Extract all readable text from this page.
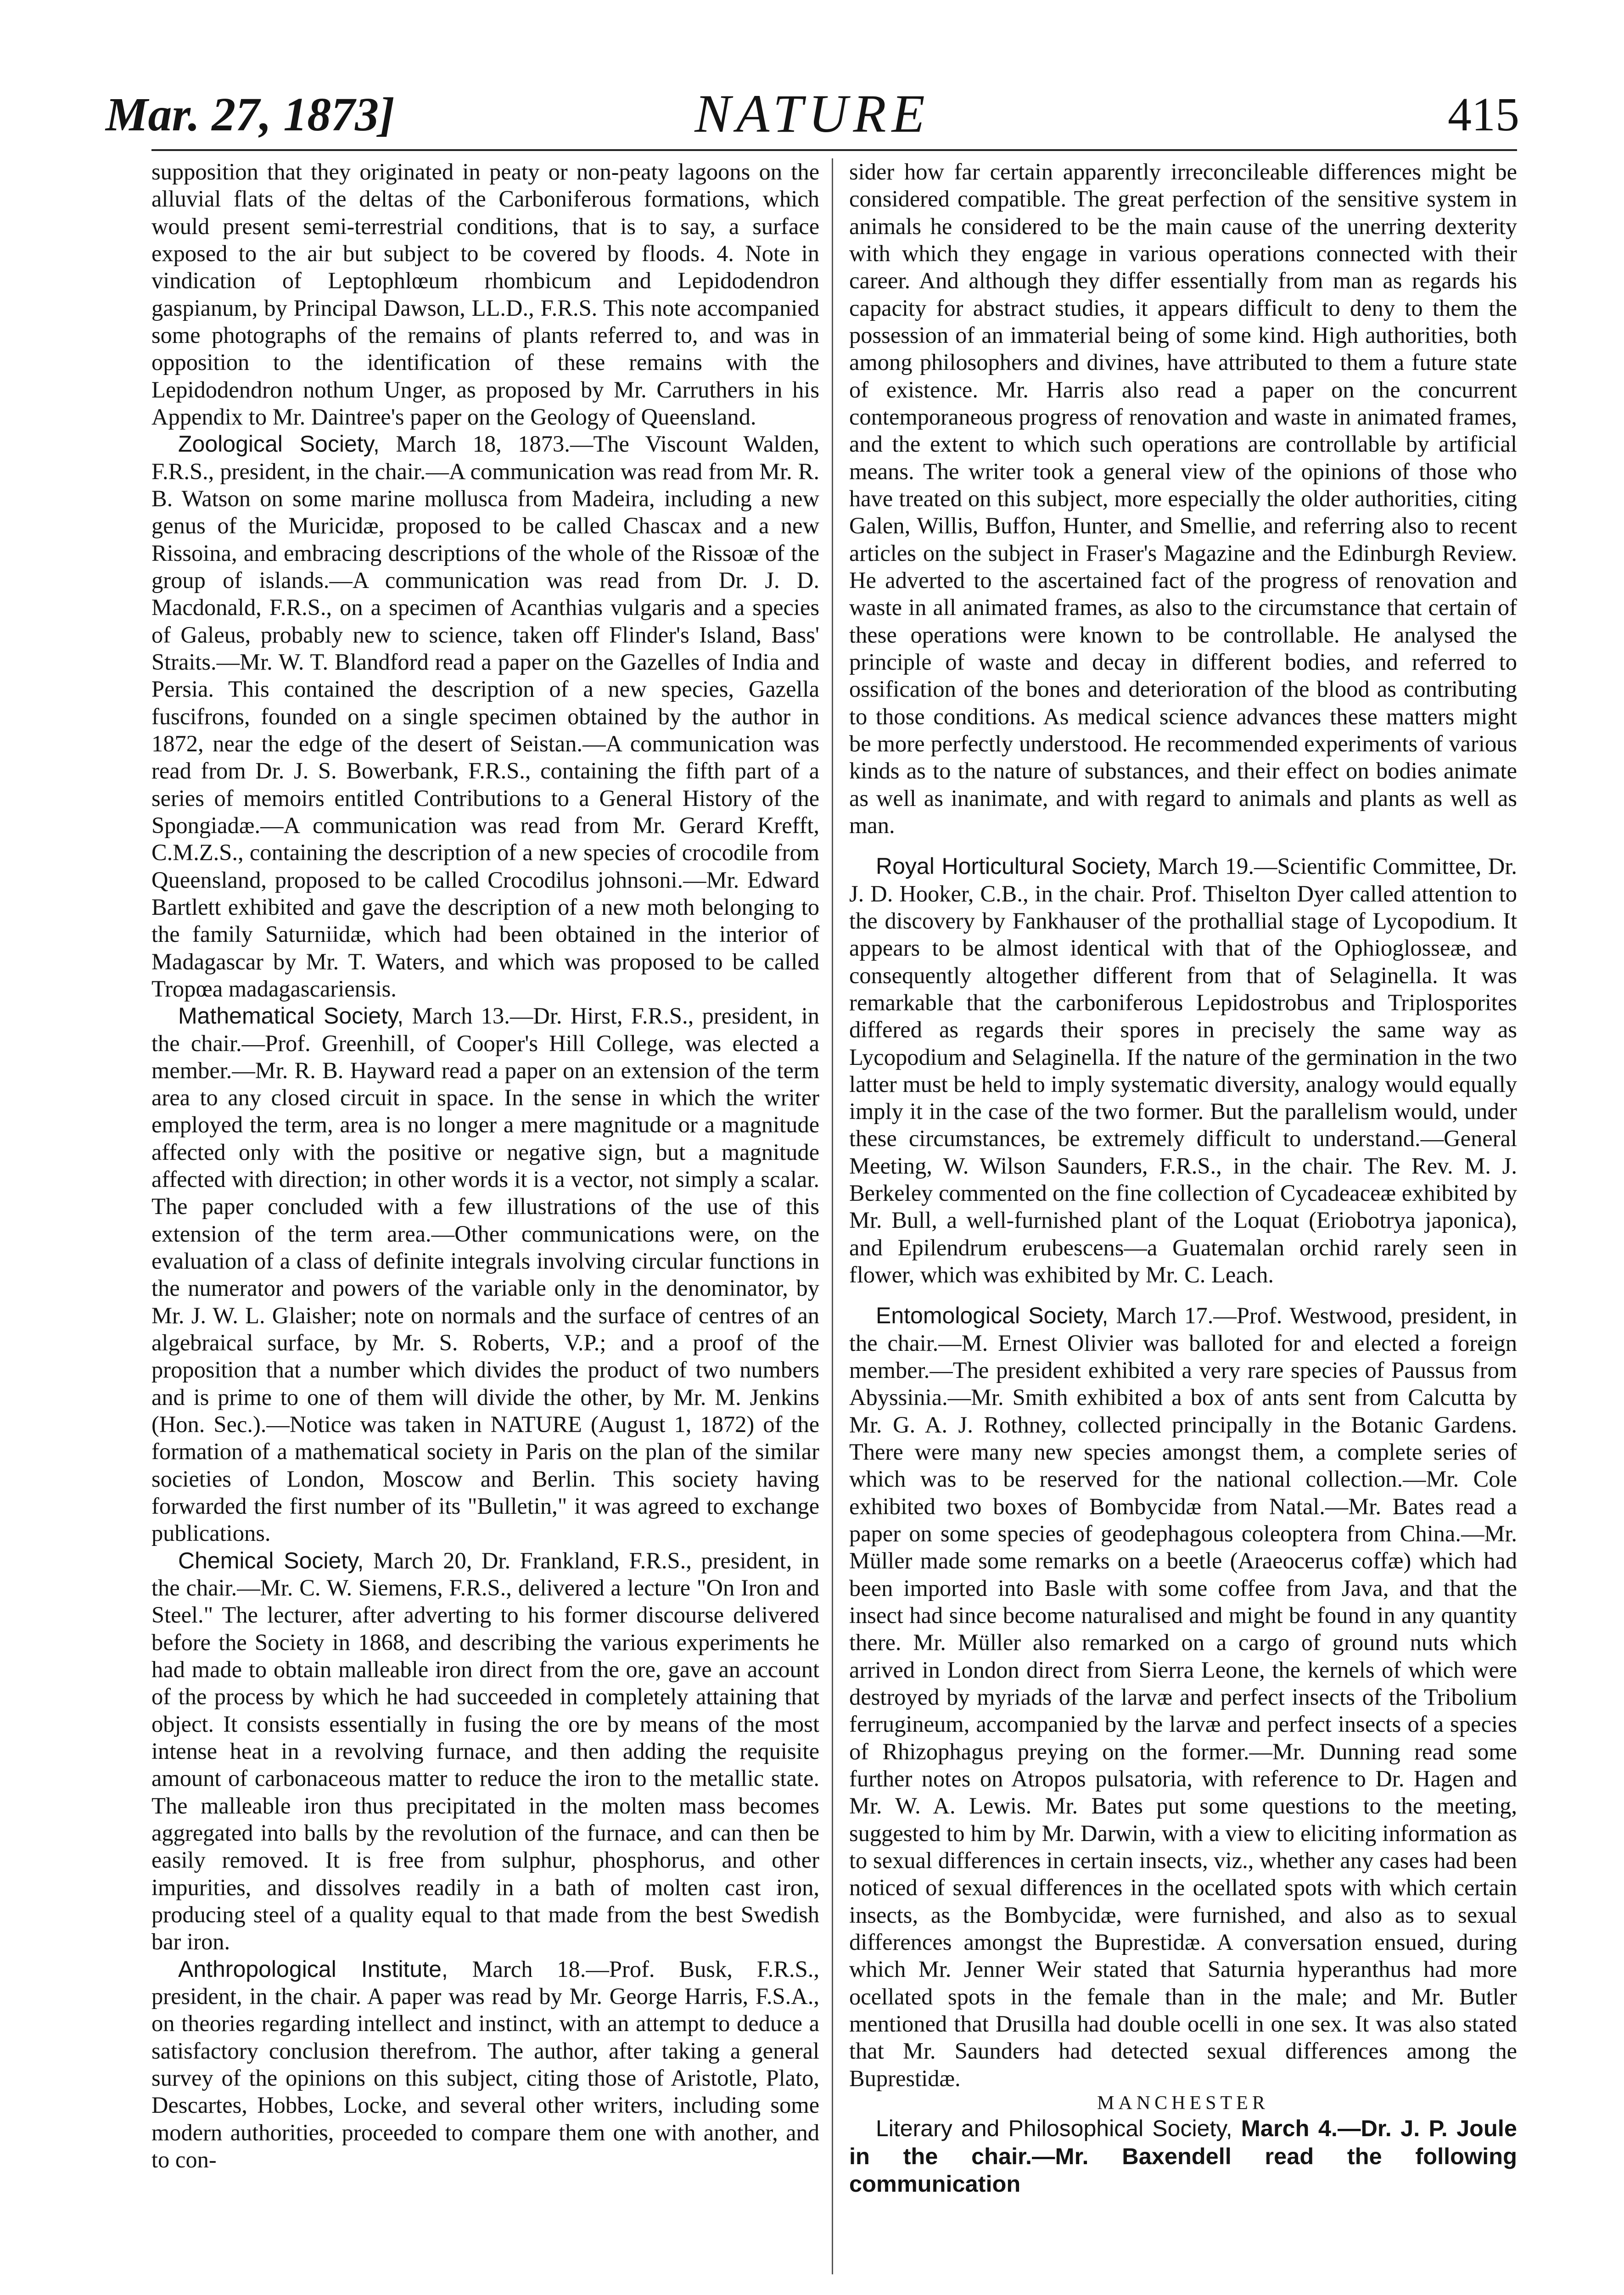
Mar. 27, 1873]	NATURE	415

supposition that they originated in peaty or non-peaty lagoons on the alluvial flats of the deltas of the Carboniferous formations, which would present semi-terrestrial conditions, that is to say, a surface exposed to the air but subject to be covered by floods. 4. Note in vindication of Leptophlœum rhombicum and Lepidodendron gaspianum, by Principal Dawson, LL.D., F.R.S. This note accompanied some photographs of the remains of plants referred to, and was in opposition to the identification of these remains with the Lepidodendron nothum Unger, as proposed by Mr. Carruthers in his Appendix to Mr. Daintree's paper on the Geology of Queensland.

Zoological Society, March 18, 1873.—The Viscount Walden, F.R.S., president, in the chair.—A communication was read from Mr. R. B. Watson on some marine mollusca from Madeira, including a new genus of the Muricidæ, proposed to be called Chascax and a new Rissoina, and embracing descriptions of the whole of the Rissoæ of the group of islands.—A communication was read from Dr. J. D. Macdonald, F.R.S., on a specimen of Acanthias vulgaris and a species of Galeus, probably new to science, taken off Flinder's Island, Bass' Straits.—Mr. W. T. Blandford read a paper on the Gazelles of India and Persia. This contained the description of a new species, Gazella fuscifrons, founded on a single specimen obtained by the author in 1872, near the edge of the desert of Seistan.—A communication was read from Dr. J. S. Bowerbank, F.R.S., containing the fifth part of a series of memoirs entitled Contributions to a General History of the Spongiadæ.—A communication was read from Mr. Gerard Krefft, C.M.Z.S., containing the description of a new species of crocodile from Queensland, proposed to be called Crocodilus johnsoni.—Mr. Edward Bartlett exhibited and gave the description of a new moth belonging to the family Saturniidæ, which had been obtained in the interior of Madagascar by Mr. T. Waters, and which was proposed to be called Tropœa madagascariensis.

Mathematical Society, March 13.—Dr. Hirst, F.R.S., president, in the chair.—Prof. Greenhill, of Cooper's Hill College, was elected a member.—Mr. R. B. Hayward read a paper on an extension of the term area to any closed circuit in space. In the sense in which the writer employed the term, area is no longer a mere magnitude or a magnitude affected only with the positive or negative sign, but a magnitude affected with direction; in other words it is a vector, not simply a scalar. The paper concluded with a few illustrations of the use of this extension of the term area.—Other communications were, on the evaluation of a class of definite integrals involving circular functions in the numerator and powers of the variable only in the denominator, by Mr. J. W. L. Glaisher; note on normals and the surface of centres of an algebraical surface, by Mr. S. Roberts, V.P.; and a proof of the proposition that a number which divides the product of two numbers and is prime to one of them will divide the other, by Mr. M. Jenkins (Hon. Sec.).—Notice was taken in NATURE (August 1, 1872) of the formation of a mathematical society in Paris on the plan of the similar societies of London, Moscow and Berlin. This society having forwarded the first number of its "Bulletin," it was agreed to exchange publications.

Chemical Society, March 20, Dr. Frankland, F.R.S., president, in the chair.—Mr. C. W. Siemens, F.R.S., delivered a lecture "On Iron and Steel." The lecturer, after adverting to his former discourse delivered before the Society in 1868, and describing the various experiments he had made to obtain malleable iron direct from the ore, gave an account of the process by which he had succeeded in completely attaining that object. It consists essentially in fusing the ore by means of the most intense heat in a revolving furnace, and then adding the requisite amount of carbonaceous matter to reduce the iron to the metallic state. The malleable iron thus precipitated in the molten mass becomes aggregated into balls by the revolution of the furnace, and can then be easily removed. It is free from sulphur, phosphorus, and other impurities, and dissolves readily in a bath of molten cast iron, producing steel of a quality equal to that made from the best Swedish bar iron.

Anthropological Institute, March 18.—Prof. Busk, F.R.S., president, in the chair. A paper was read by Mr. George Harris, F.S.A., on theories regarding intellect and instinct, with an attempt to deduce a satisfactory conclusion therefrom. The author, after taking a general survey of the opinions on this subject, citing those of Aristotle, Plato, Descartes, Hobbes, Locke, and several other writers, including some modern authorities, proceeded to compare them one with another, and to con-

sider how far certain apparently irreconcileable differences might be considered compatible. The great perfection of the sensitive system in animals he considered to be the main cause of the unerring dexterity with which they engage in various operations connected with their career. And although they differ essentially from man as regards his capacity for abstract studies, it appears difficult to deny to them the possession of an immaterial being of some kind. High authorities, both among philosophers and divines, have attributed to them a future state of existence. Mr. Harris also read a paper on the concurrent contemporaneous progress of renovation and waste in animated frames, and the extent to which such operations are controllable by artificial means. The writer took a general view of the opinions of those who have treated on this subject, more especially the older authorities, citing Galen, Willis, Buffon, Hunter, and Smellie, and referring also to recent articles on the subject in Fraser's Magazine and the Edinburgh Review. He adverted to the ascertained fact of the progress of renovation and waste in all animated frames, as also to the circumstance that certain of these operations were known to be controllable. He analysed the principle of waste and decay in different bodies, and referred to ossification of the bones and deterioration of the blood as contributing to those conditions. As medical science advances these matters might be more perfectly understood. He recommended experiments of various kinds as to the nature of substances, and their effect on bodies animate as well as inanimate, and with regard to animals and plants as well as man.

Royal Horticultural Society, March 19.—Scientific Committee, Dr. J. D. Hooker, C.B., in the chair. Prof. Thiselton Dyer called attention to the discovery by Fankhauser of the prothallial stage of Lycopodium. It appears to be almost identical with that of the Ophioglosseæ, and consequently altogether different from that of Selaginella. It was remarkable that the carboniferous Lepidostrobus and Triplosporites differed as regards their spores in precisely the same way as Lycopodium and Selaginella. If the nature of the germination in the two latter must be held to imply systematic diversity, analogy would equally imply it in the case of the two former. But the parallelism would, under these circumstances, be extremely difficult to understand.—General Meeting, W. Wilson Saunders, F.R.S., in the chair. The Rev. M. J. Berkeley commented on the fine collection of Cycadeaceæ exhibited by Mr. Bull, a well-furnished plant of the Loquat (Eriobotrya japonica), and Epilendrum erubescens—a Guatemalan orchid rarely seen in flower, which was exhibited by Mr. C. Leach.

Entomological Society, March 17.—Prof. Westwood, president, in the chair.—M. Ernest Olivier was balloted for and elected a foreign member.—The president exhibited a very rare species of Paussus from Abyssinia.—Mr. Smith exhibited a box of ants sent from Calcutta by Mr. G. A. J. Rothney, collected principally in the Botanic Gardens. There were many new species amongst them, a complete series of which was to be reserved for the national collection.—Mr. Cole exhibited two boxes of Bombycidæ from Natal.—Mr. Bates read a paper on some species of geodephagous coleoptera from China.—Mr. Müller made some remarks on a beetle (Araeocerus coffæ) which had been imported into Basle with some coffee from Java, and that the insect had since become naturalised and might be found in any quantity there. Mr. Müller also remarked on a cargo of ground nuts which arrived in London direct from Sierra Leone, the kernels of which were destroyed by myriads of the larvæ and perfect insects of the Tribolium ferrugineum, accompanied by the larvæ and perfect insects of a species of Rhizophagus preying on the former.—Mr. Dunning read some further notes on Atropos pulsatoria, with reference to Dr. Hagen and Mr. W. A. Lewis. Mr. Bates put some questions to the meeting, suggested to him by Mr. Darwin, with a view to eliciting information as to sexual differences in certain insects, viz., whether any cases had been noticed of sexual differences in the ocellated spots with which certain insects, as the Bombycidæ, were furnished, and also as to sexual differences amongst the Buprestidæ. A conversation ensued, during which Mr. Jenner Weir stated that Saturnia hyperanthus had more ocellated spots in the female than in the male; and Mr. Butler mentioned that Drusilla had double ocelli in one sex. It was also stated that Mr. Saunders had detected sexual differences among the Buprestidæ.

MANCHESTER

Literary and Philosophical Society, March 4.—Dr. J. P. Joule in the chair.—Mr. Baxendell read the following communication
